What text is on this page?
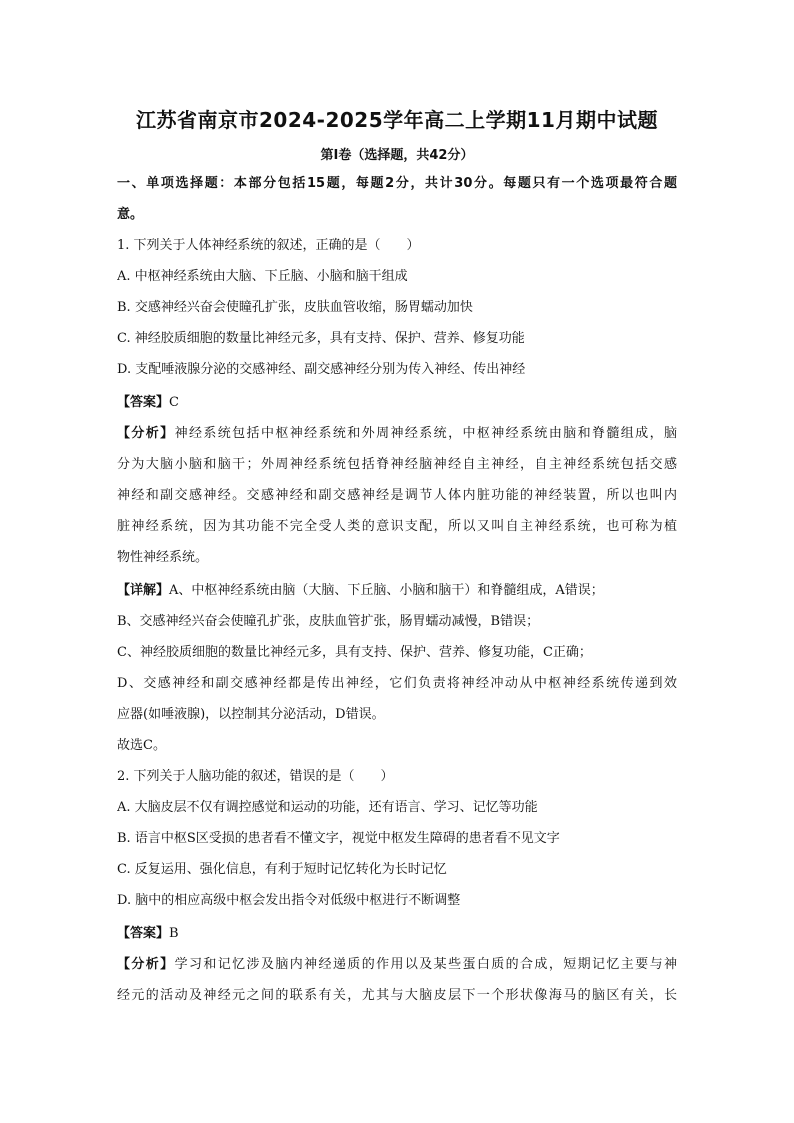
江苏省南京市2024-2025学年高二上学期11月期中试题
第Ⅰ卷（选择题，共42分）
一、单项选择题：本部分包括15题，每题2分，共计30分。每题只有一个选项最符合题
意。
1. 下列关于人体神经系统的叙述，正确的是（　　）
A. 中枢神经系统由大脑、下丘脑、小脑和脑干组成
B. 交感神经兴奋会使瞳孔扩张，皮肤血管收缩，肠胃蠕动加快
C. 神经胶质细胞的数量比神经元多，具有支持、保护、营养、修复功能
D. 支配唾液腺分泌的交感神经、副交感神经分别为传入神经、传出神经
【答案】C
【分析】神经系统包括中枢神经系统和外周神经系统，中枢神经系统由脑和脊髓组成，脑
分为大脑小脑和脑干；外周神经系统包括脊神经脑神经自主神经，自主神经系统包括交感
神经和副交感神经。交感神经和副交感神经是调节人体内脏功能的神经装置，所以也叫内
脏神经系统，因为其功能不完全受人类的意识支配，所以又叫自主神经系统，也可称为植
物性神经系统。
【详解】A、中枢神经系统由脑（大脑、下丘脑、小脑和脑干）和脊髓组成，A错误；
B、交感神经兴奋会使瞳孔扩张，皮肤血管扩张，肠胃蠕动减慢，B错误；
C、神经胶质细胞的数量比神经元多，具有支持、保护、营养、修复功能，C正确；
D、交感神经和副交感神经都是传出神经，它们负责将神经冲动从中枢神经系统传递到效
应器(如唾液腺)，以控制其分泌活动，D错误。
故选C。
2. 下列关于人脑功能的叙述，错误的是（　　）
A. 大脑皮层不仅有调控感觉和运动的功能，还有语言、学习、记忆等功能
B. 语言中枢S区受损的患者看不懂文字，视觉中枢发生障碍的患者看不见文字
C. 反复运用、强化信息，有利于短时记忆转化为长时记忆
D. 脑中的相应高级中枢会发出指令对低级中枢进行不断调整
【答案】B
【分析】学习和记忆涉及脑内神经递质的作用以及某些蛋白质的合成，短期记忆主要与神
经元的活动及神经元之间的联系有关，尤其与大脑皮层下一个形状像海马的脑区有关，长
